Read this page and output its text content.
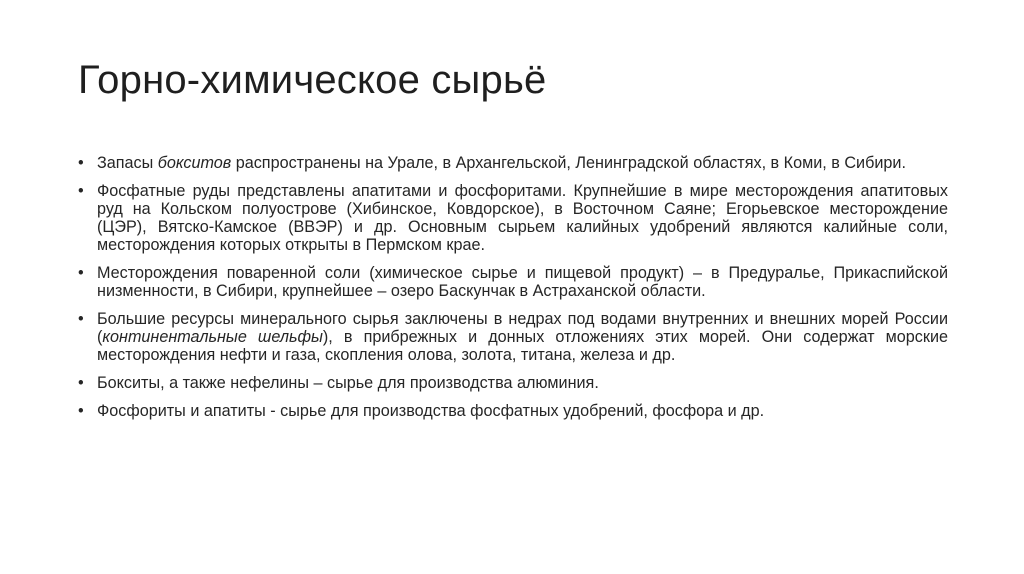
Горно-химическое сырьё
• Запасы бокситов распространены на Урале, в Архангельской, Ленинградской областях, в Коми, в Сибири.
• Фосфатные руды представлены апатитами и фосфоритами. Крупнейшие в мире месторождения апатитовых руд на Кольском полуострове (Хибинское, Ковдорское), в Восточном Саяне; Егорьевское месторождение (ЦЭР), Вятско-Камское (ВВЭР) и др. Основным сырьем калийных удобрений являются калийные соли, месторождения которых открыты в Пермском крае.
• Месторождения поваренной соли (химическое сырье и пищевой продукт) – в Предуралье, Прикаспийской низменности, в Сибири, крупнейшее – озеро Баскунчак в Астраханской области.
• Большие ресурсы минерального сырья заключены в недрах под водами внутренних и внешних морей России (континентальные шельфы), в прибрежных и донных отложениях этих морей. Они содержат морские месторождения нефти и газа, скопления олова, золота, титана, железа и др.
• Бокситы, а также нефелины – сырье для производства алюминия.
• Фосфориты и апатиты - сырье для производства фосфатных удобрений, фосфора и др.
